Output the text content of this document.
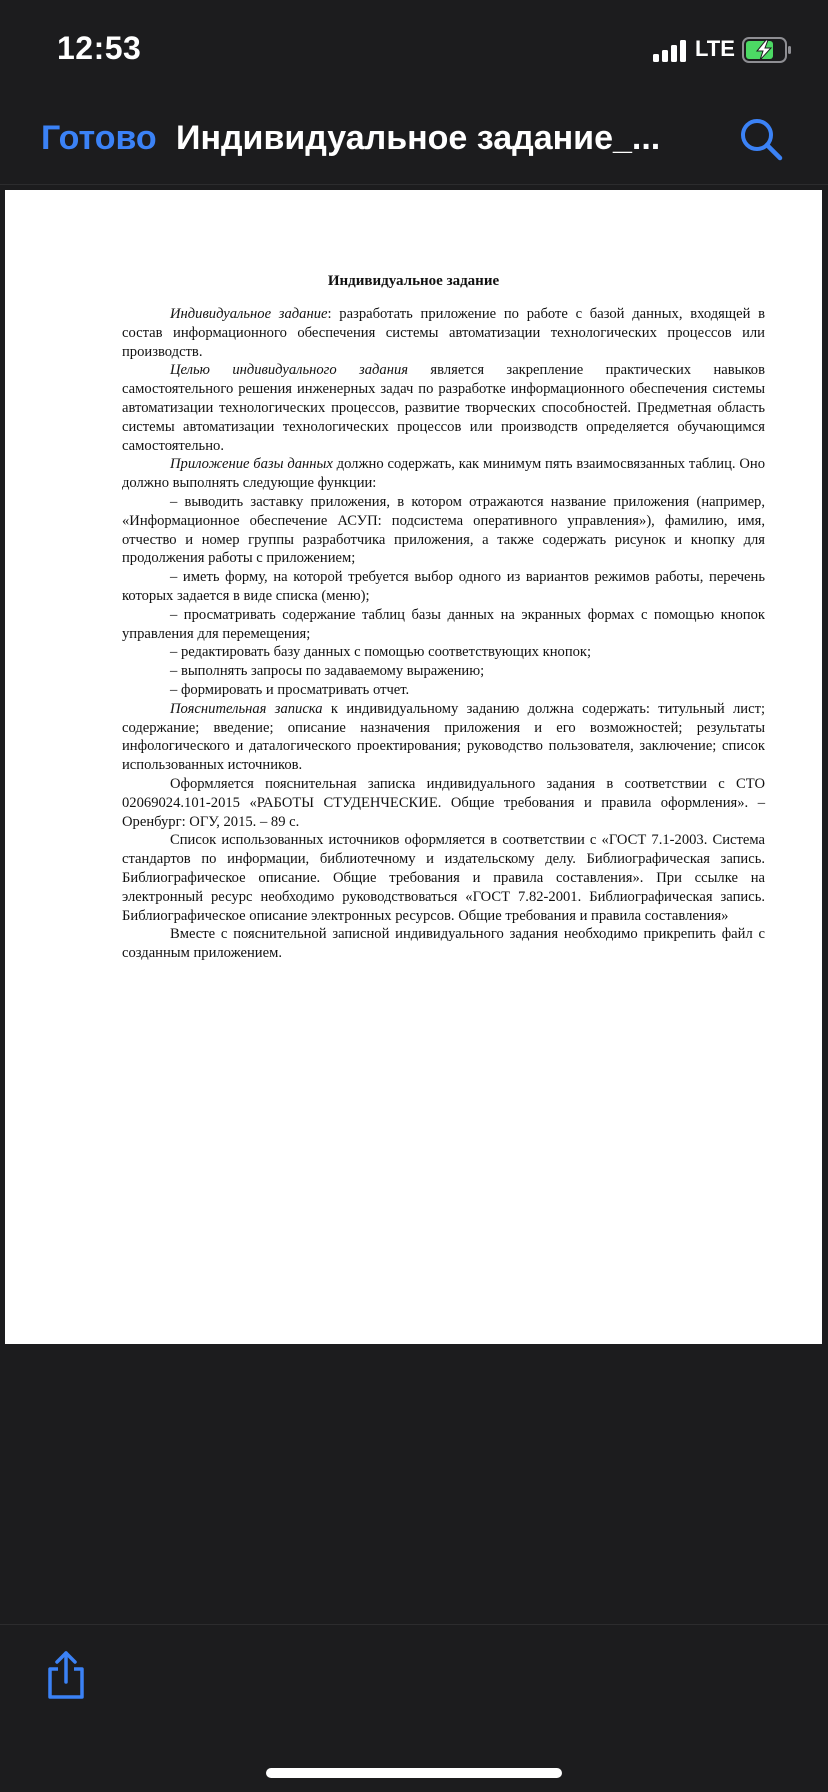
12:53	LTE
Готово Индивидуальное задание_...
Индивидуальное задание

Индивидуальное задание: разработать приложение по работе с базой данных, входящей в состав информационного обеспечения системы автоматизации технологических процессов или производств.

Целью индивидуального задания является закрепление практических навыков самостоятельного решения инженерных задач по разработке информационного обеспечения системы автоматизации технологических процессов, развитие творческих способностей. Предметная область системы автоматизации технологических процессов или производств определяется обучающимся самостоятельно.

Приложение базы данных должно содержать, как минимум пять взаимосвязанных таблиц. Оно должно выполнять следующие функции:

– выводить заставку приложения, в котором отражаются название приложения (например, «Информационное обеспечение АСУП: подсистема оперативного управления»), фамилию, имя, отчество и номер группы разработчика приложения, а также содержать рисунок и кнопку для продолжения работы с приложением;

– иметь форму, на которой требуется выбор одного из вариантов режимов работы, перечень которых задается в виде списка (меню);

– просматривать содержание таблиц базы данных на экранных формах с помощью кнопок управления для перемещения;

– редактировать базу данных с помощью соответствующих кнопок;

– выполнять запросы по задаваемому выражению;

– формировать и просматривать отчет.

Пояснительная записка к индивидуальному заданию должна содержать: титульный лист; содержание; введение; описание назначения приложения и его возможностей; результаты инфологического и даталогического проектирования; руководство пользователя, заключение; список использованных источников.

Оформляется пояснительная записка индивидуального задания в соответствии с СТО 02069024.101-2015 «РАБОТЫ СТУДЕНЧЕСКИЕ. Общие требования и правила оформления». – Оренбург: ОГУ, 2015. – 89 с.

Список использованных источников оформляется в соответствии с «ГОСТ 7.1-2003. Система стандартов по информации, библиотечному и издательскому делу. Библиографическая запись. Библиографическое описание. Общие требования и правила составления». При ссылке на электронный ресурс необходимо руководствоваться «ГОСТ 7.82-2001. Библиографическая запись. Библиографическое описание электронных ресурсов. Общие требования и правила составления»

Вместе с пояснительной записной индивидуального задания необходимо прикрепить файл с созданным приложением.
